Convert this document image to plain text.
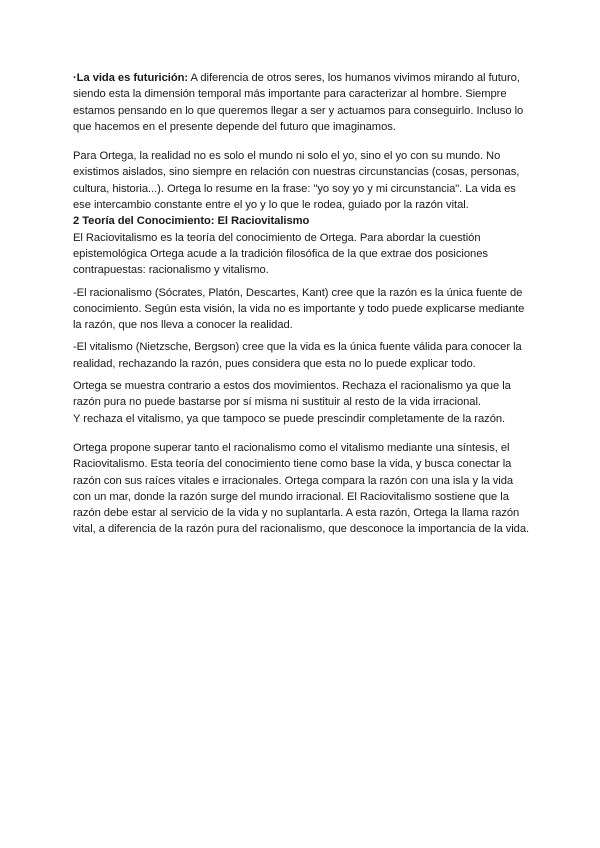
·La vida es futurición: A diferencia de otros seres, los humanos vivimos mirando al futuro, siendo esta la dimensión temporal más importante para caracterizar al hombre. Siempre estamos pensando en lo que queremos llegar a ser y actuamos para conseguirlo. Incluso lo que hacemos en el presente depende del futuro que imaginamos.

Para Ortega, la realidad no es solo el mundo ni solo el yo, sino el yo con su mundo. No existimos aislados, sino siempre en relación con nuestras circunstancias (cosas, personas, cultura, historia...). Ortega lo resume en la frase: "yo soy yo y mi circunstancia". La vida es ese intercambio constante entre el yo y lo que le rodea, guiado por la razón vital.

2 Teoría del Conocimiento: El Raciovitalismo

El Raciovitalismo es la teoría del conocimiento de Ortega. Para abordar la cuestión epistemológica Ortega acude a la tradición filosófica de la que extrae dos posiciones contrapuestas: racionalismo y vitalismo.

-El racionalismo (Sócrates, Platón, Descartes, Kant) cree que la razón es la única fuente de conocimiento. Según esta visión, la vida no es importante y todo puede explicarse mediante la razón, que nos lleva a conocer la realidad.

-El vitalismo (Nietzsche, Bergson) cree que la vida es la única fuente válida para conocer la realidad, rechazando la razón, pues considera que esta no lo puede explicar todo.

Ortega se muestra contrario a estos dos movimientos. Rechaza el racionalismo ya que la razón pura no puede bastarse por sí misma ni sustituir al resto de la vida irracional.

Y rechaza el vitalismo, ya que tampoco se puede prescindir completamente de la razón.

Ortega propone superar tanto el racionalismo como el vitalismo mediante una síntesis, el Raciovitalismo. Esta teoría del conocimiento tiene como base la vida, y busca conectar la razón con sus raíces vitales e irracionales. Ortega compara la razón con una isla y la vida con un mar, donde la razón surge del mundo irracional. El Raciovitalismo sostiene que la razón debe estar al servicio de la vida y no suplantarla. A esta razón, Ortega la llama razón vital, a diferencia de la razón pura del racionalismo, que desconoce la importancia de la vida.
